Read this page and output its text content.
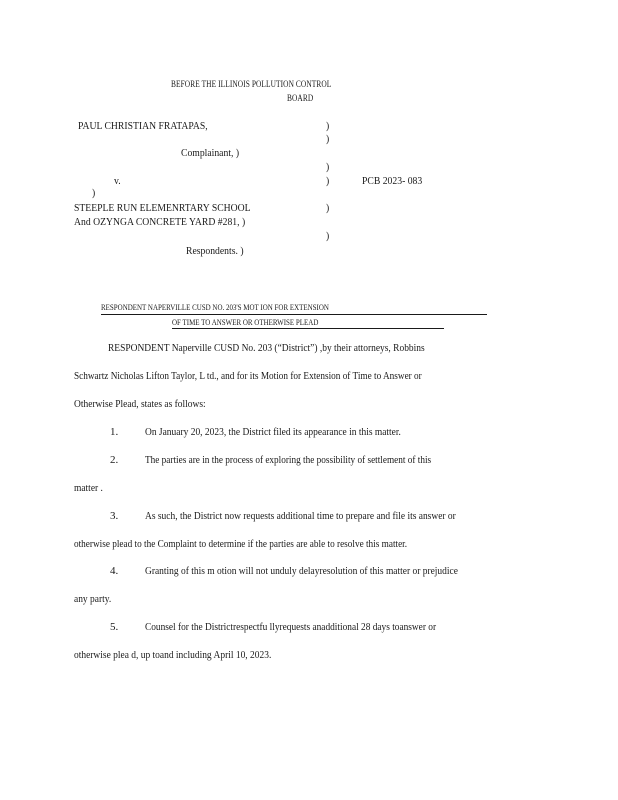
BEFORE THE ILLINOIS POLLUTION CONTROL
BOARD
PAUL CHRISTIAN FRATAPAS,	)
)
Complainant, )
)
v.	)	PCB 2023- 083
)
STEEPLE RUN ELEMENRTARY SCHOOL	)
And OZYNGA CONCRETE YARD #281, )
)
Respondents. )
RESPONDENT NAPERVILLE CUSD NO. 203'S MOT ION FOR EXTENSION
OF TIME TO ANSWER OR OTHERWISE PLEAD
RESPONDENT Naperville CUSD No. 203 (“District”) ,by their attorneys, Robbins
Schwartz Nicholas Lifton Taylor, L td., and for its Motion for Extension of Time to Answer or
Otherwise Plead, states as follows:
1. On January 20, 2023, the District filed its appearance in this matter.
2. The parties are in the process of exploring the possibility of settlement of this
matter .
3. As such, the District now requests additional time to prepare and file its answer or
otherwise plead to the Complaint to determine if the parties are able to resolve this matter.
4. Granting of this m otion will not unduly delayresolution of this matter or prejudice
any party.
5. Counsel for the Districtrespectfu llyrequests anadditional 28 days toanswer or
otherwise plea d, up toand including April 10, 2023.
